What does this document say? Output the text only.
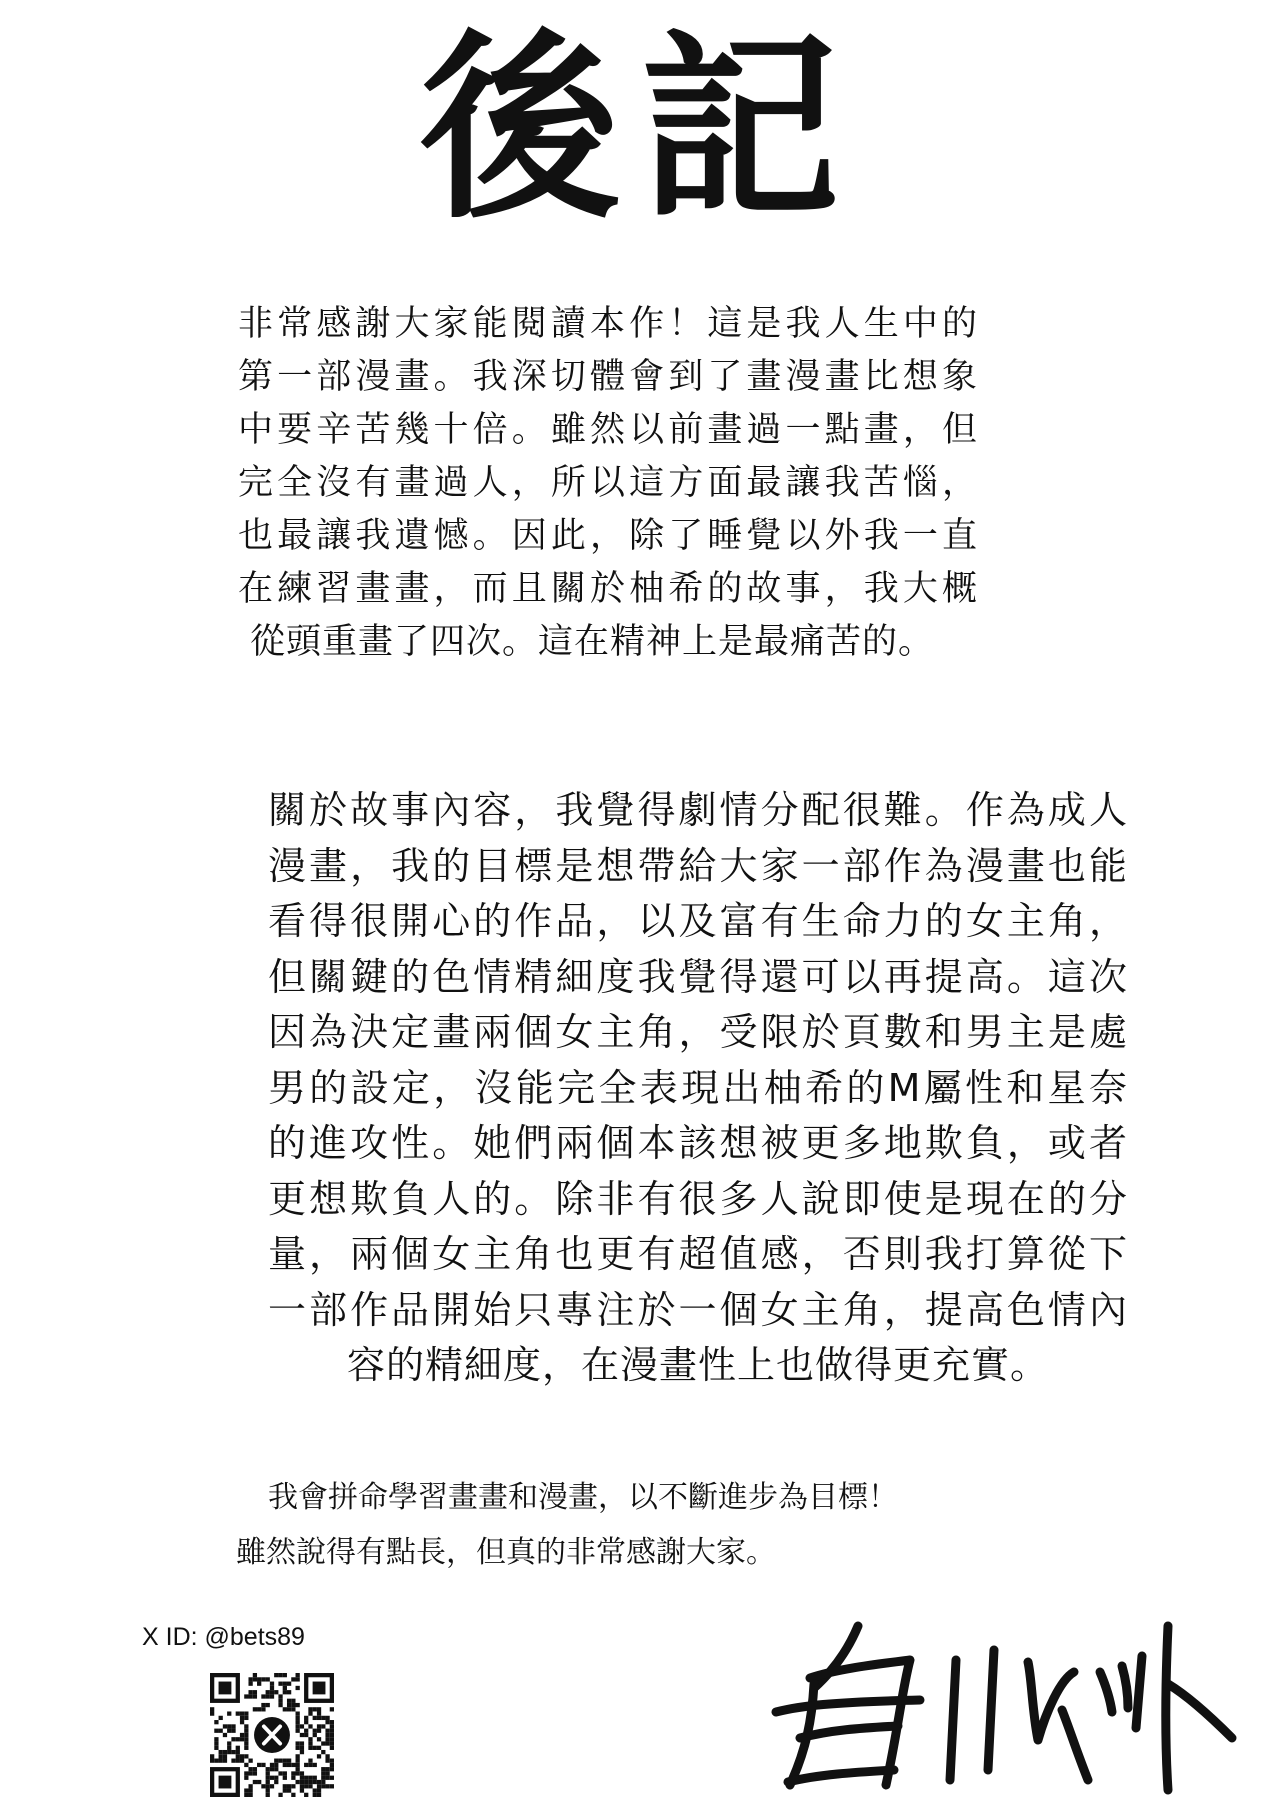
後記
非常感謝大家能閱讀本作！這是我人生中的
第一部漫畫。我深切體會到了畫漫畫比想象
中要辛苦幾十倍。雖然以前畫過一點畫，但
完全沒有畫過人，所以這方面最讓我苦惱，
也最讓我遺憾。因此，除了睡覺以外我一直
在練習畫畫，而且關於柚希的故事，我大概
從頭重畫了四次。這在精神上是最痛苦的。
關於故事內容，我覺得劇情分配很難。作為成人
漫畫，我的目標是想帶給大家一部作為漫畫也能
看得很開心的作品，以及富有生命力的女主角，
但關鍵的色情精細度我覺得還可以再提高。這次
因為決定畫兩個女主角，受限於頁數和男主是處
男的設定，沒能完全表現出柚希的M屬性和星奈
的進攻性。她們兩個本該想被更多地欺負，或者
更想欺負人的。除非有很多人說即使是現在的分
量，兩個女主角也更有超值感，否則我打算從下
一部作品開始只專注於一個女主角，提高色情內
容的精細度，在漫畫性上也做得更充實。
我會拼命學習畫畫和漫畫，以不斷進步為目標！
雖然說得有點長，但真的非常感謝大家。
X ID: @bets89
